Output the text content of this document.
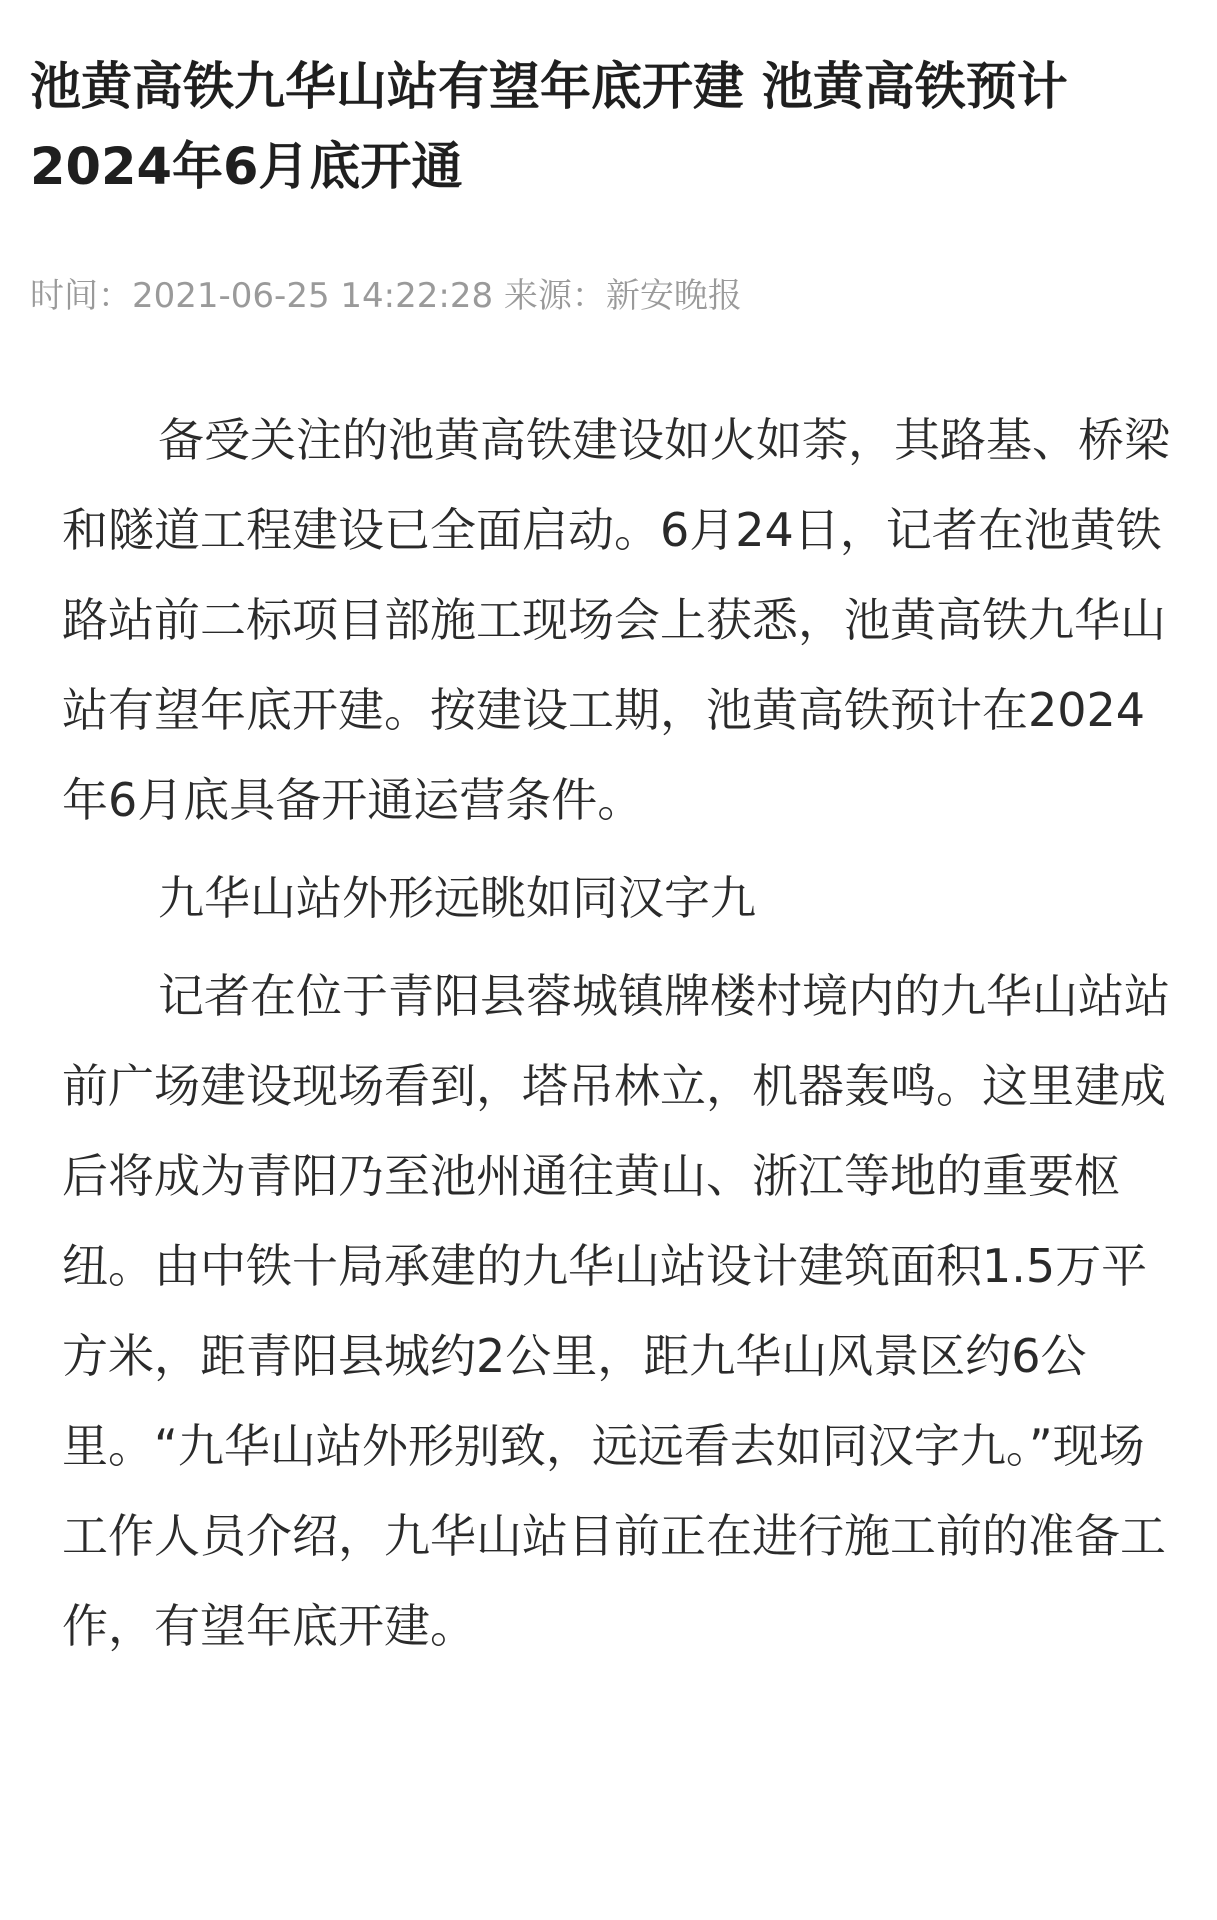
池黄高铁九华山站有望年底开建 池黄高铁预计2024年6月底开通
时间：2021-06-25 14:22:28 来源：新安晚报

备受关注的池黄高铁建设如火如荼，其路基、桥梁和隧道工程建设已全面启动。6月24日，记者在池黄铁路站前二标项目部施工现场会上获悉，池黄高铁九华山站有望年底开建。按建设工期，池黄高铁预计在2024年6月底具备开通运营条件。

九华山站外形远眺如同汉字九

记者在位于青阳县蓉城镇牌楼村境内的九华山站站前广场建设现场看到，塔吊林立，机器轰鸣。这里建成后将成为青阳乃至池州通往黄山、浙江等地的重要枢纽。由中铁十局承建的九华山站设计建筑面积1.5万平方米，距青阳县城约2公里，距九华山风景区约6公里。“九华山站外形别致，远远看去如同汉字九。”现场工作人员介绍，九华山站目前正在进行施工前的准备工作，有望年底开建。
